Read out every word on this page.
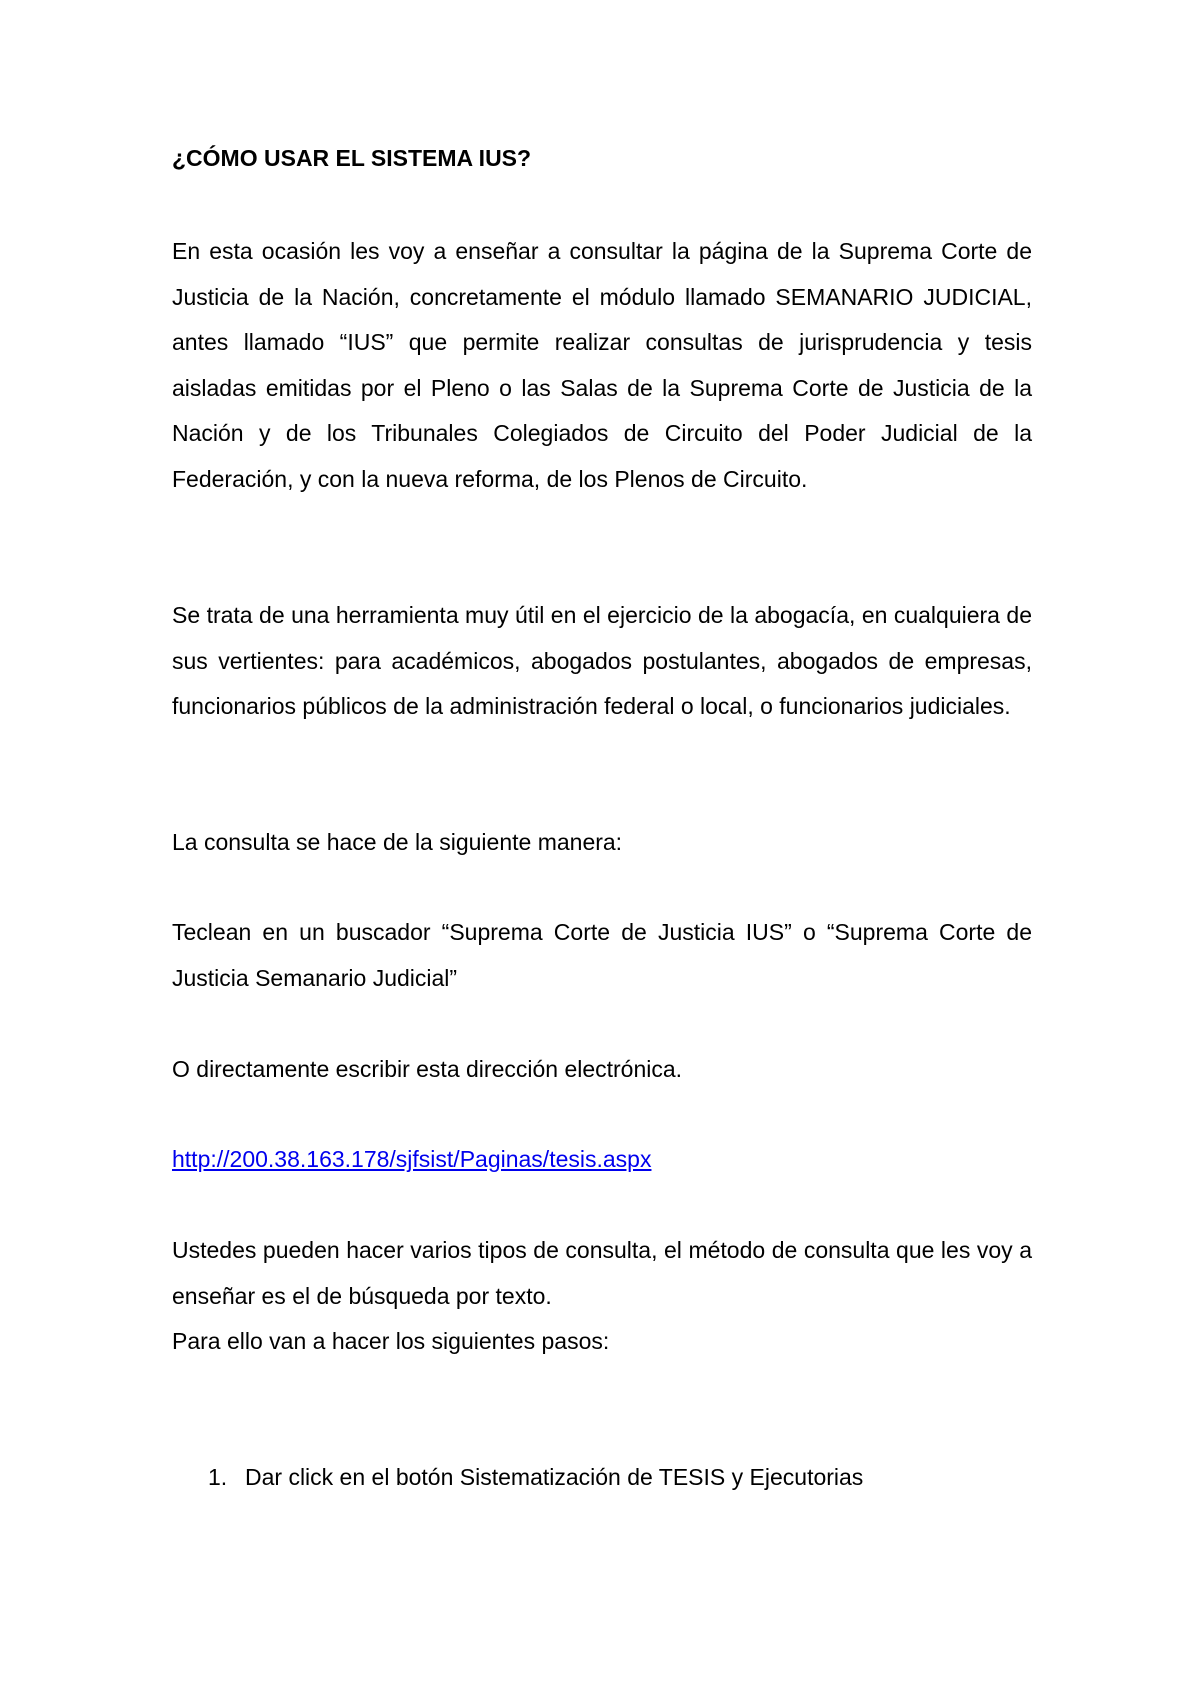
¿CÓMO USAR EL SISTEMA IUS?

En esta ocasión les voy a enseñar a consultar la página de la Suprema Corte de Justicia de la Nación, concretamente el módulo llamado SEMANARIO JUDICIAL, antes llamado “IUS” que permite realizar consultas de jurisprudencia y tesis aisladas emitidas por el Pleno o las Salas de la Suprema Corte de Justicia de la Nación y de los Tribunales Colegiados de Circuito del Poder Judicial de la Federación, y con la nueva reforma, de los Plenos de Circuito.

Se trata de una herramienta muy útil en el ejercicio de la abogacía, en cualquiera de sus vertientes: para académicos, abogados postulantes, abogados de empresas, funcionarios públicos de la administración federal o local, o funcionarios judiciales.

La consulta se hace de la siguiente manera:

Teclean en un buscador “Suprema Corte de Justicia IUS” o “Suprema Corte de Justicia Semanario Judicial”

O directamente escribir esta dirección electrónica.

http://200.38.163.178/sjfsist/Paginas/tesis.aspx

Ustedes pueden hacer varios tipos de consulta, el método de consulta que les voy a enseñar es el de búsqueda por texto.

Para ello van a hacer los siguientes pasos:

1. Dar click en el botón Sistematización de TESIS y Ejecutorias
